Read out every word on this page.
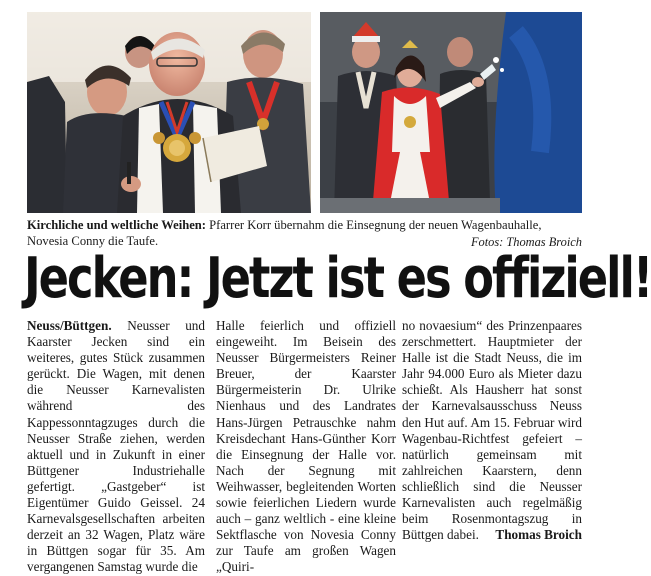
Kirchliche und weltliche Weihen: Pfarrer Korr übernahm die Einsegnung der neuen Wagenbauhalle, Novesia Conny die Taufe.	Fotos: Thomas Broich
Jecken: Jetzt ist es offiziell!
Neuss/Büttgen. Neusser und Kaarster Jecken sind ein weiteres, gutes Stück zusammen gerückt. Die Wagen, mit denen die Neusser Karnevalisten während des Kappessonntagzuges durch die Neusser Straße ziehen, werden aktuell und in Zukunft in einer Büttgener Industriehalle gefertigt. „Gastgeber“ ist Eigentümer Guido Geissel. 24 Karnevalsgesellschaften arbeiten derzeit an 32 Wagen, Platz wäre in Büttgen sogar für 35. Am vergangenen Samstag wurde die
Halle feierlich und offiziell eingeweiht. Im Beisein des Neusser Bürgermeisters Reiner Breuer, der Kaarster Bürgermeisterin Dr. Ulrike Nienhaus und des Landrates Hans-Jürgen Petrauschke nahm Kreisdechant Hans-Günther Korr die Einsegnung der Halle vor. Nach der Segnung mit Weihwasser, begleitenden Worten sowie feierlichen Liedern wurde auch – ganz weltlich - eine kleine Sektflasche von Novesia Conny zur Taufe am großen Wagen „Quiri-
no novaesium“ des Prinzenpaares zerschmettert. Hauptmieter der Halle ist die Stadt Neuss, die im Jahr 94.000 Euro als Mieter dazu schießt. Als Hausherr hat sonst der Karnevalsausschuss Neuss den Hut auf. Am 15. Februar wird Wagenbau-Richtfest gefeiert – natürlich gemeinsam mit zahlreichen Kaarstern, denn schließlich sind die Neusser Karnevalisten auch regelmäßig beim Rosenmontagszug in Büttgen dabei. Thomas Broich
